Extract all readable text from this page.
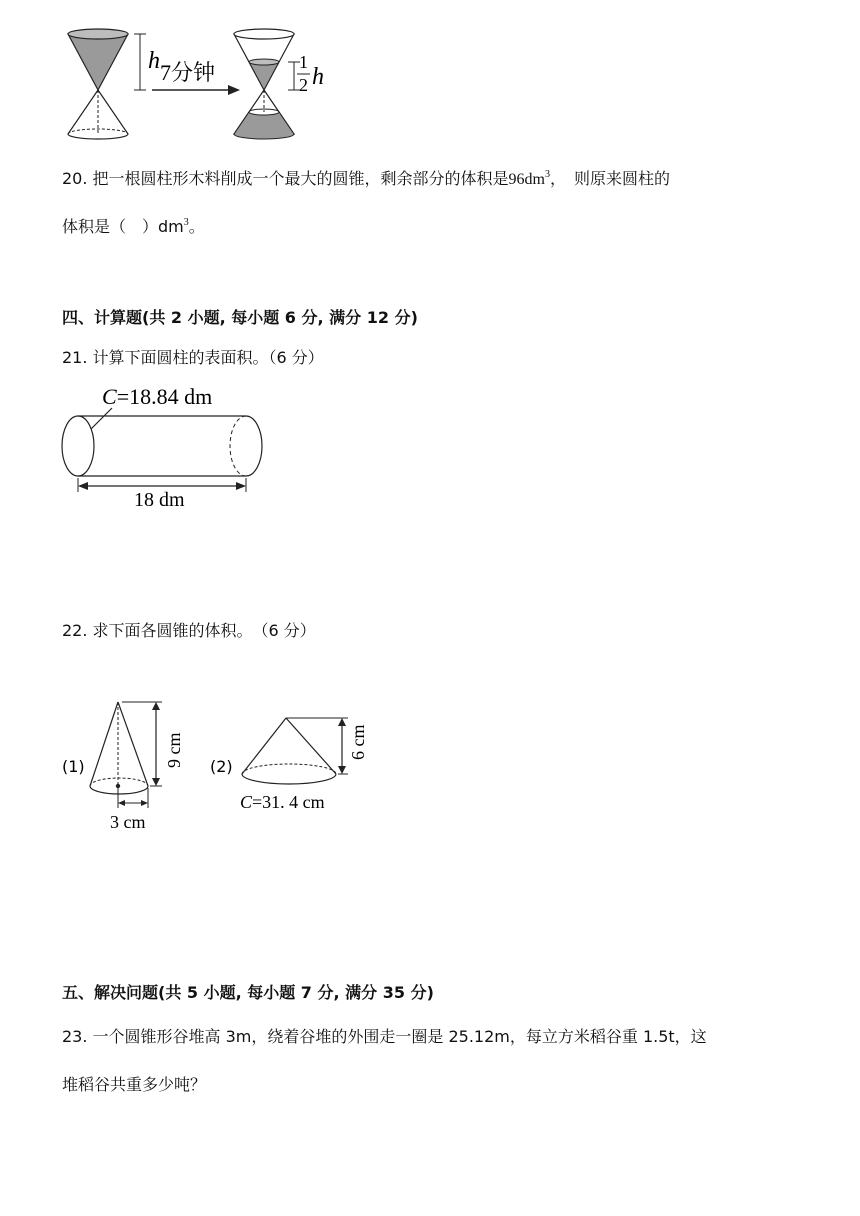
h 7分钟	1
2 h
20. 把一根圆柱形木料削成一个最大的圆锥，剩余部分的体积是$96dm^3$，　则原来圆柱的
体积是（　）$dm^3$。
四、计算题(共 2 小题, 每小题 6 分, 满分 12 分)
21. 计算下面圆柱的表面积。（6 分）
C=18.84 dm
18 dm
22. 求下面各圆锥的体积。　（6 分）
(1)
3 cm
9 cm (2)
6 cm
C=31. 4 cm
五、解决问题(共 5 小题, 每小题 7 分, 满分 35 分)
23. 一个圆锥形谷堆高 3m，绕着谷堆的外围走一圈是 25.12m，每立方米稻谷重 1.5t，这
堆稻谷共重多少吨？
